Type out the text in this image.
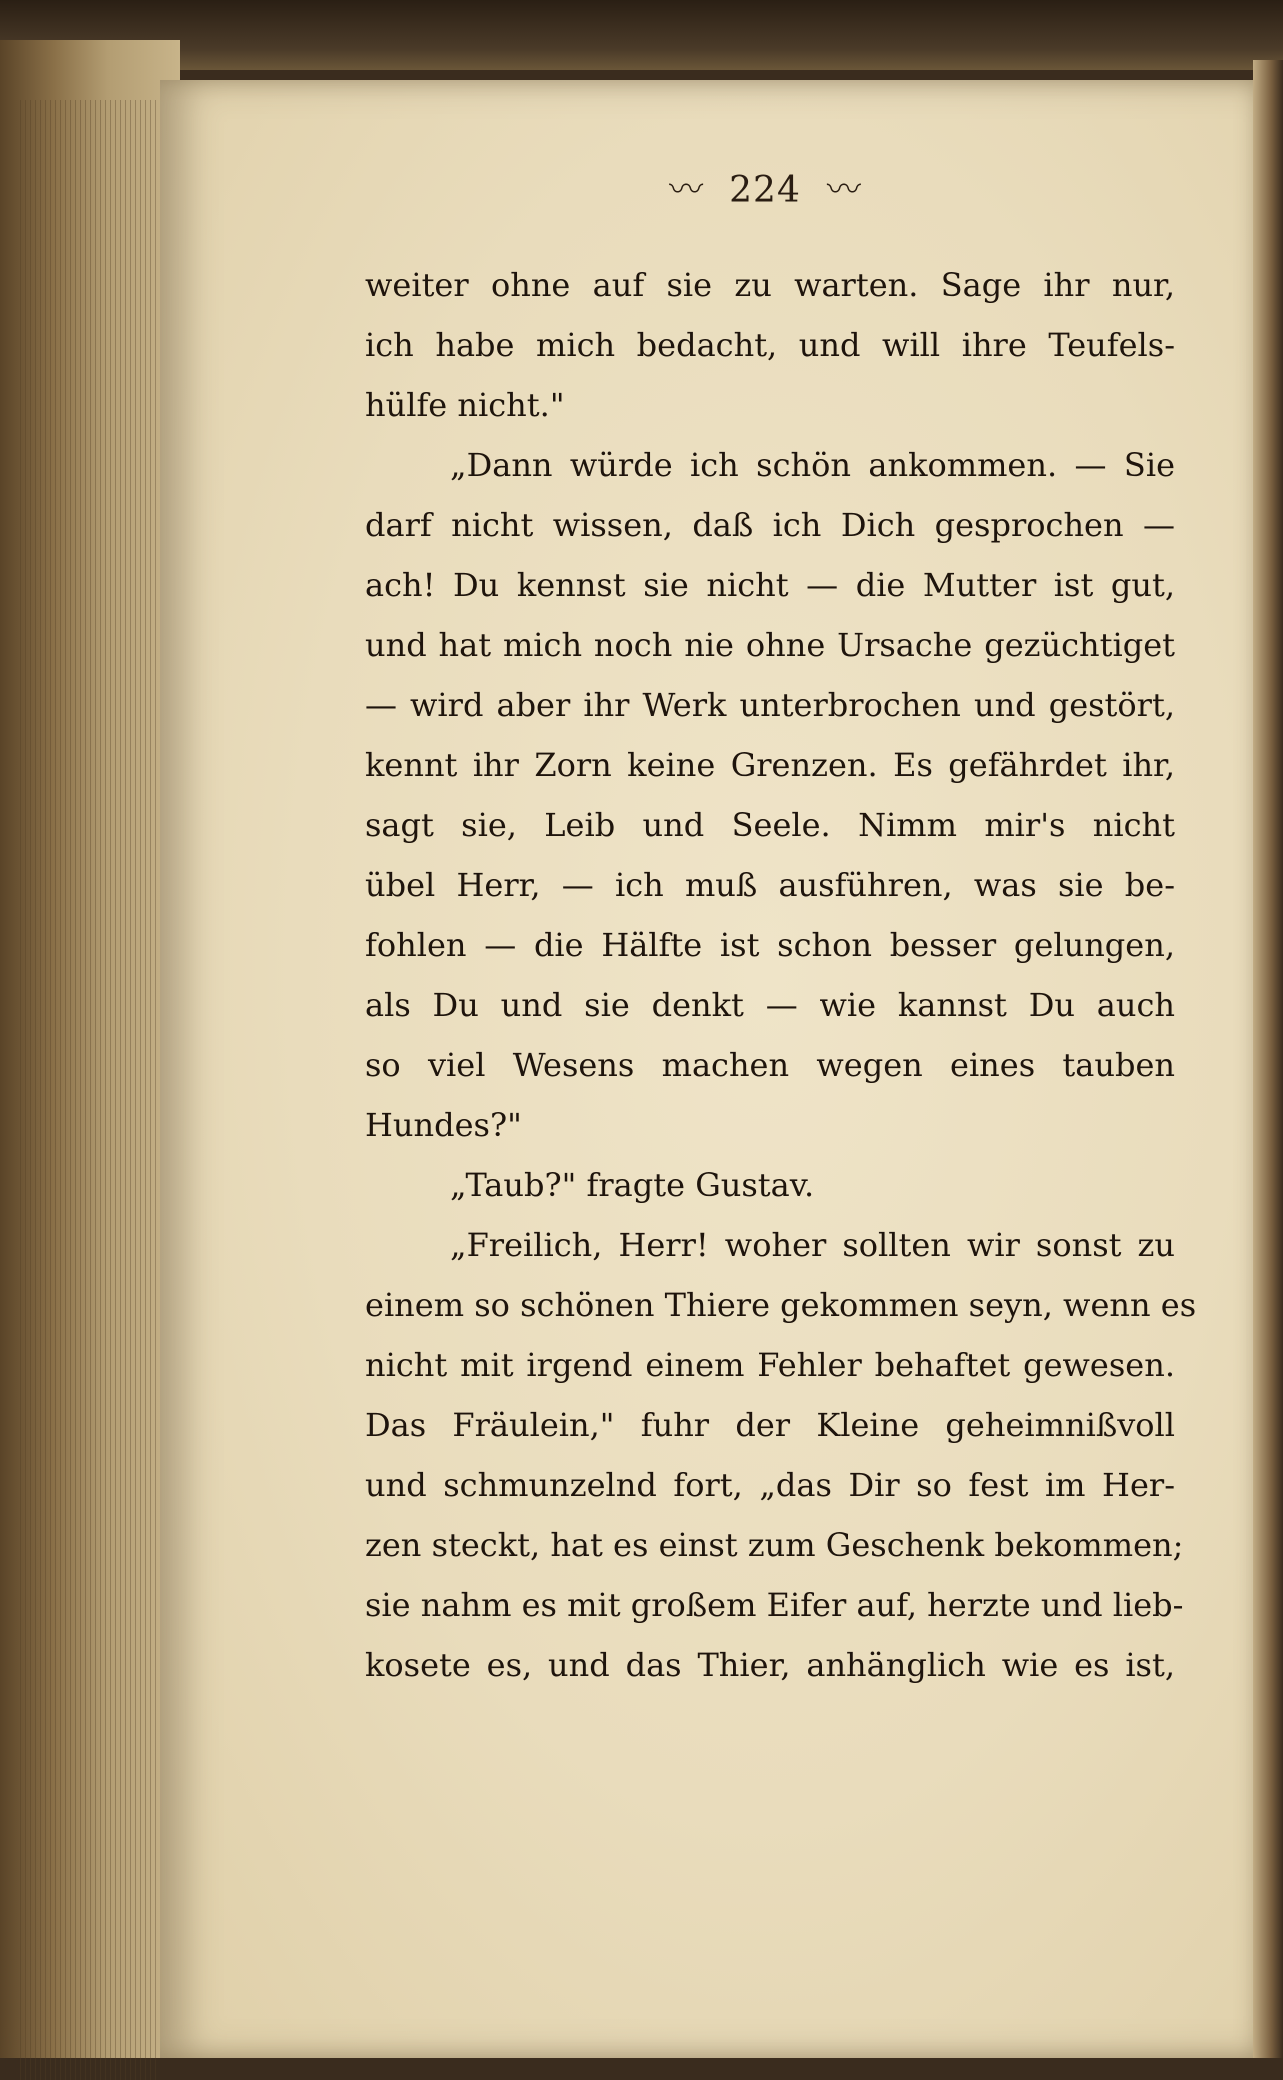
〰 224 〰
weiter ohne auf sie zu warten. Sage ihr nur,
ich habe mich bedacht, und will ihre Teufels-
hülfe nicht."
„Dann würde ich schön ankommen. — Sie
darf nicht wissen, daß ich Dich gesprochen —
ach! Du kennst sie nicht — die Mutter ist gut,
und hat mich noch nie ohne Ursache gezüchtiget
— wird aber ihr Werk unterbrochen und gestört,
kennt ihr Zorn keine Grenzen. Es gefährdet ihr,
sagt sie, Leib und Seele. Nimm mir's nicht
übel Herr, — ich muß ausführen, was sie be-
fohlen — die Hälfte ist schon besser gelungen,
als Du und sie denkt — wie kannst Du auch
so viel Wesens machen wegen eines tauben
Hundes?"
„Taub?" fragte Gustav.
„Freilich, Herr! woher sollten wir sonst zu
einem so schönen Thiere gekommen seyn, wenn es
nicht mit irgend einem Fehler behaftet gewesen.
Das Fräulein," fuhr der Kleine geheimnißvoll
und schmunzelnd fort, „das Dir so fest im Her-
zen steckt, hat es einst zum Geschenk bekommen;
sie nahm es mit großem Eifer auf, herzte und lieb-
kosete es, und das Thier, anhänglich wie es ist,
